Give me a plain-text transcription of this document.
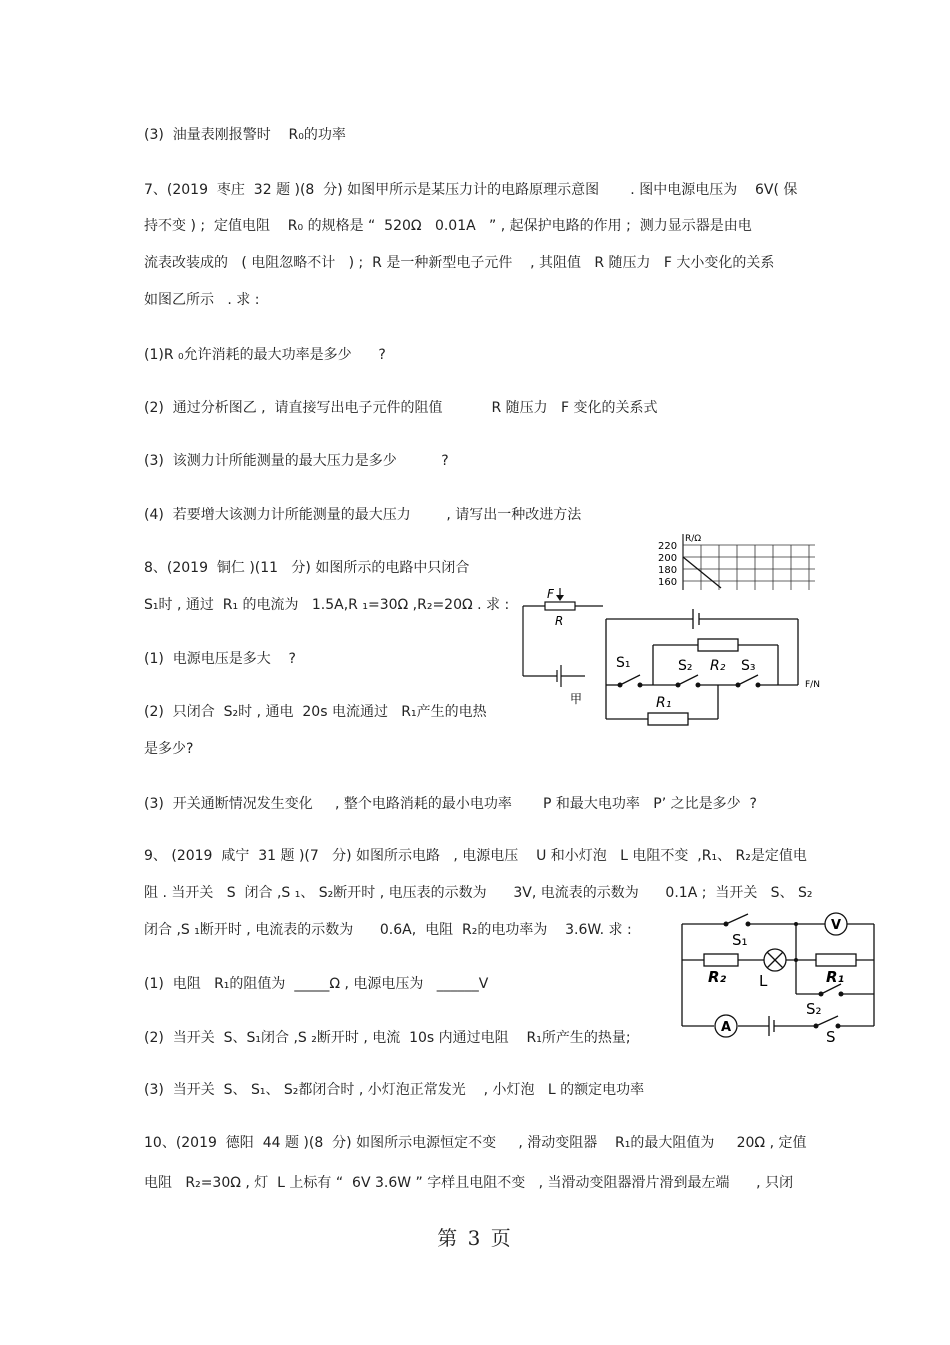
(3)  油量表刚报警时    R₀的功率
7、(2019  枣庄  32 题 )(8  分) 如图甲所示是某压力计的电路原理示意图       . 图中电源电压为    6V( 保
持不变 ) ;  定值电阻    R₀ 的规格是 “  520Ω   0.01A   ” , 起保护电路的作用 ;  测力显示器是由电
流表改装成的   ( 电阻忽略不计   ) ;  R 是一种新型电子元件    , 其阻值   R 随压力   F 大小变化的关系
如图乙所示   . 求 :
(1)R ₀允许消耗的最大功率是多少      ?
(2)  通过分析图乙 ,  请直接写出电子元件的阻值           R 随压力   F 变化的关系式
(3)  该测力计所能测量的最大压力是多少          ?
(4)  若要增大该测力计所能测量的最大压力        , 请写出一种改进方法
8、(2019  铜仁 )(11   分) 如图所示的电路中只闭合
S₁时 , 通过  R₁ 的电流为   1.5A,R ₁=30Ω ,R₂=20Ω . 求 :
(1)  电源电压是多大    ?
(2)  只闭合  S₂时 , 通电  20s 电流通过   R₁产生的电热
是多少?
(3)  开关通断情况发生变化     , 整个电路消耗的最小电功率       P 和最大电功率   P’ 之比是多少  ?
9、 (2019  咸宁  31 题 )(7   分) 如图所示电路   , 电源电压    U 和小灯泡   L 电阻不变  ,R₁、 R₂是定值电
阻 . 当开关   S  闭合 ,S ₁、 S₂断开时 , 电压表的示数为      3V, 电流表的示数为      0.1A ;  当开关   S、 S₂
闭合 ,S ₁断开时 , 电流表的示数为      0.6A,  电阻  R₂的电功率为    3.6W. 求 :
(1)  电阻   R₁的阻值为  _____Ω , 电源电压为   ______V
(2)  当开关  S、S₁闭合 ,S ₂断开时 , 电流  10s 内通过电阻    R₁所产生的热量;
(3)  当开关  S、 S₁、 S₂都闭合时 , 小灯泡正常发光    , 小灯泡   L 的额定电功率
10、(2019  德阳  44 题 )(8  分) 如图所示电源恒定不变     , 滑动变阻器    R₁的最大阻值为     20Ω , 定值
电阻   R₂=30Ω , 灯  L 上标有 “  6V 3.6W ” 字样且电阻不变   , 当滑动变阻器滑片滑到最左端      , 只闭
R/Ω
220
200
180
160
F
R
甲
S₁	S₂ R₂ S₃
R₁
F/N
V
A
S₁
R₂ L	R₁
S₂
S
第 3 页
